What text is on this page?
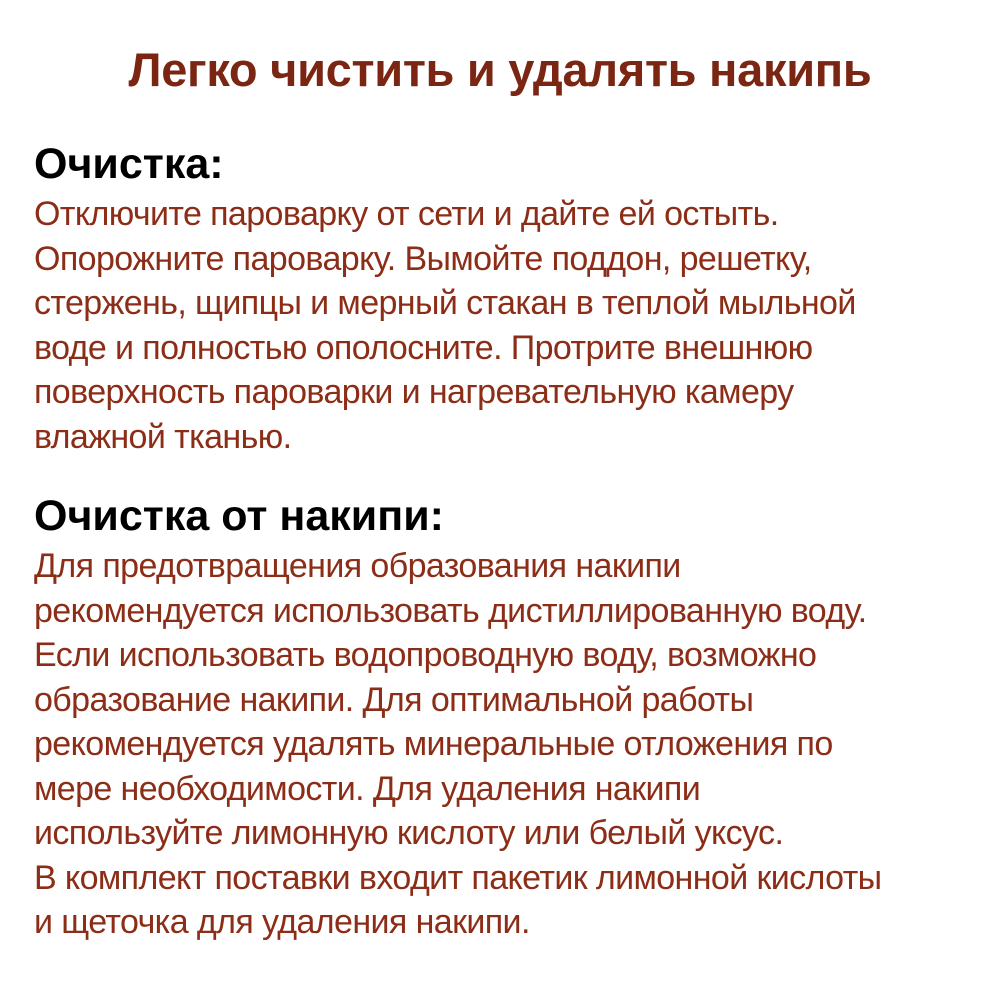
Легко чистить и удалять накипь
Очистка:
Отключите пароварку от сети и дайте ей остыть.
Опорожните пароварку. Вымойте поддон, решетку,
стержень, щипцы и мерный стакан в теплой мыльной
воде и полностью ополосните. Протрите внешнюю
поверхность пароварки и нагревательную камеру
влажной тканью.
Очистка от накипи:
Для предотвращения образования накипи
рекомендуется использовать дистиллированную воду.
Если использовать водопроводную воду, возможно
образование накипи. Для оптимальной работы
рекомендуется удалять минеральные отложения по
мере необходимости. Для удаления накипи
используйте лимонную кислоту или белый уксус.
В комплект поставки входит пакетик лимонной кислоты
и щеточка для удаления накипи.
